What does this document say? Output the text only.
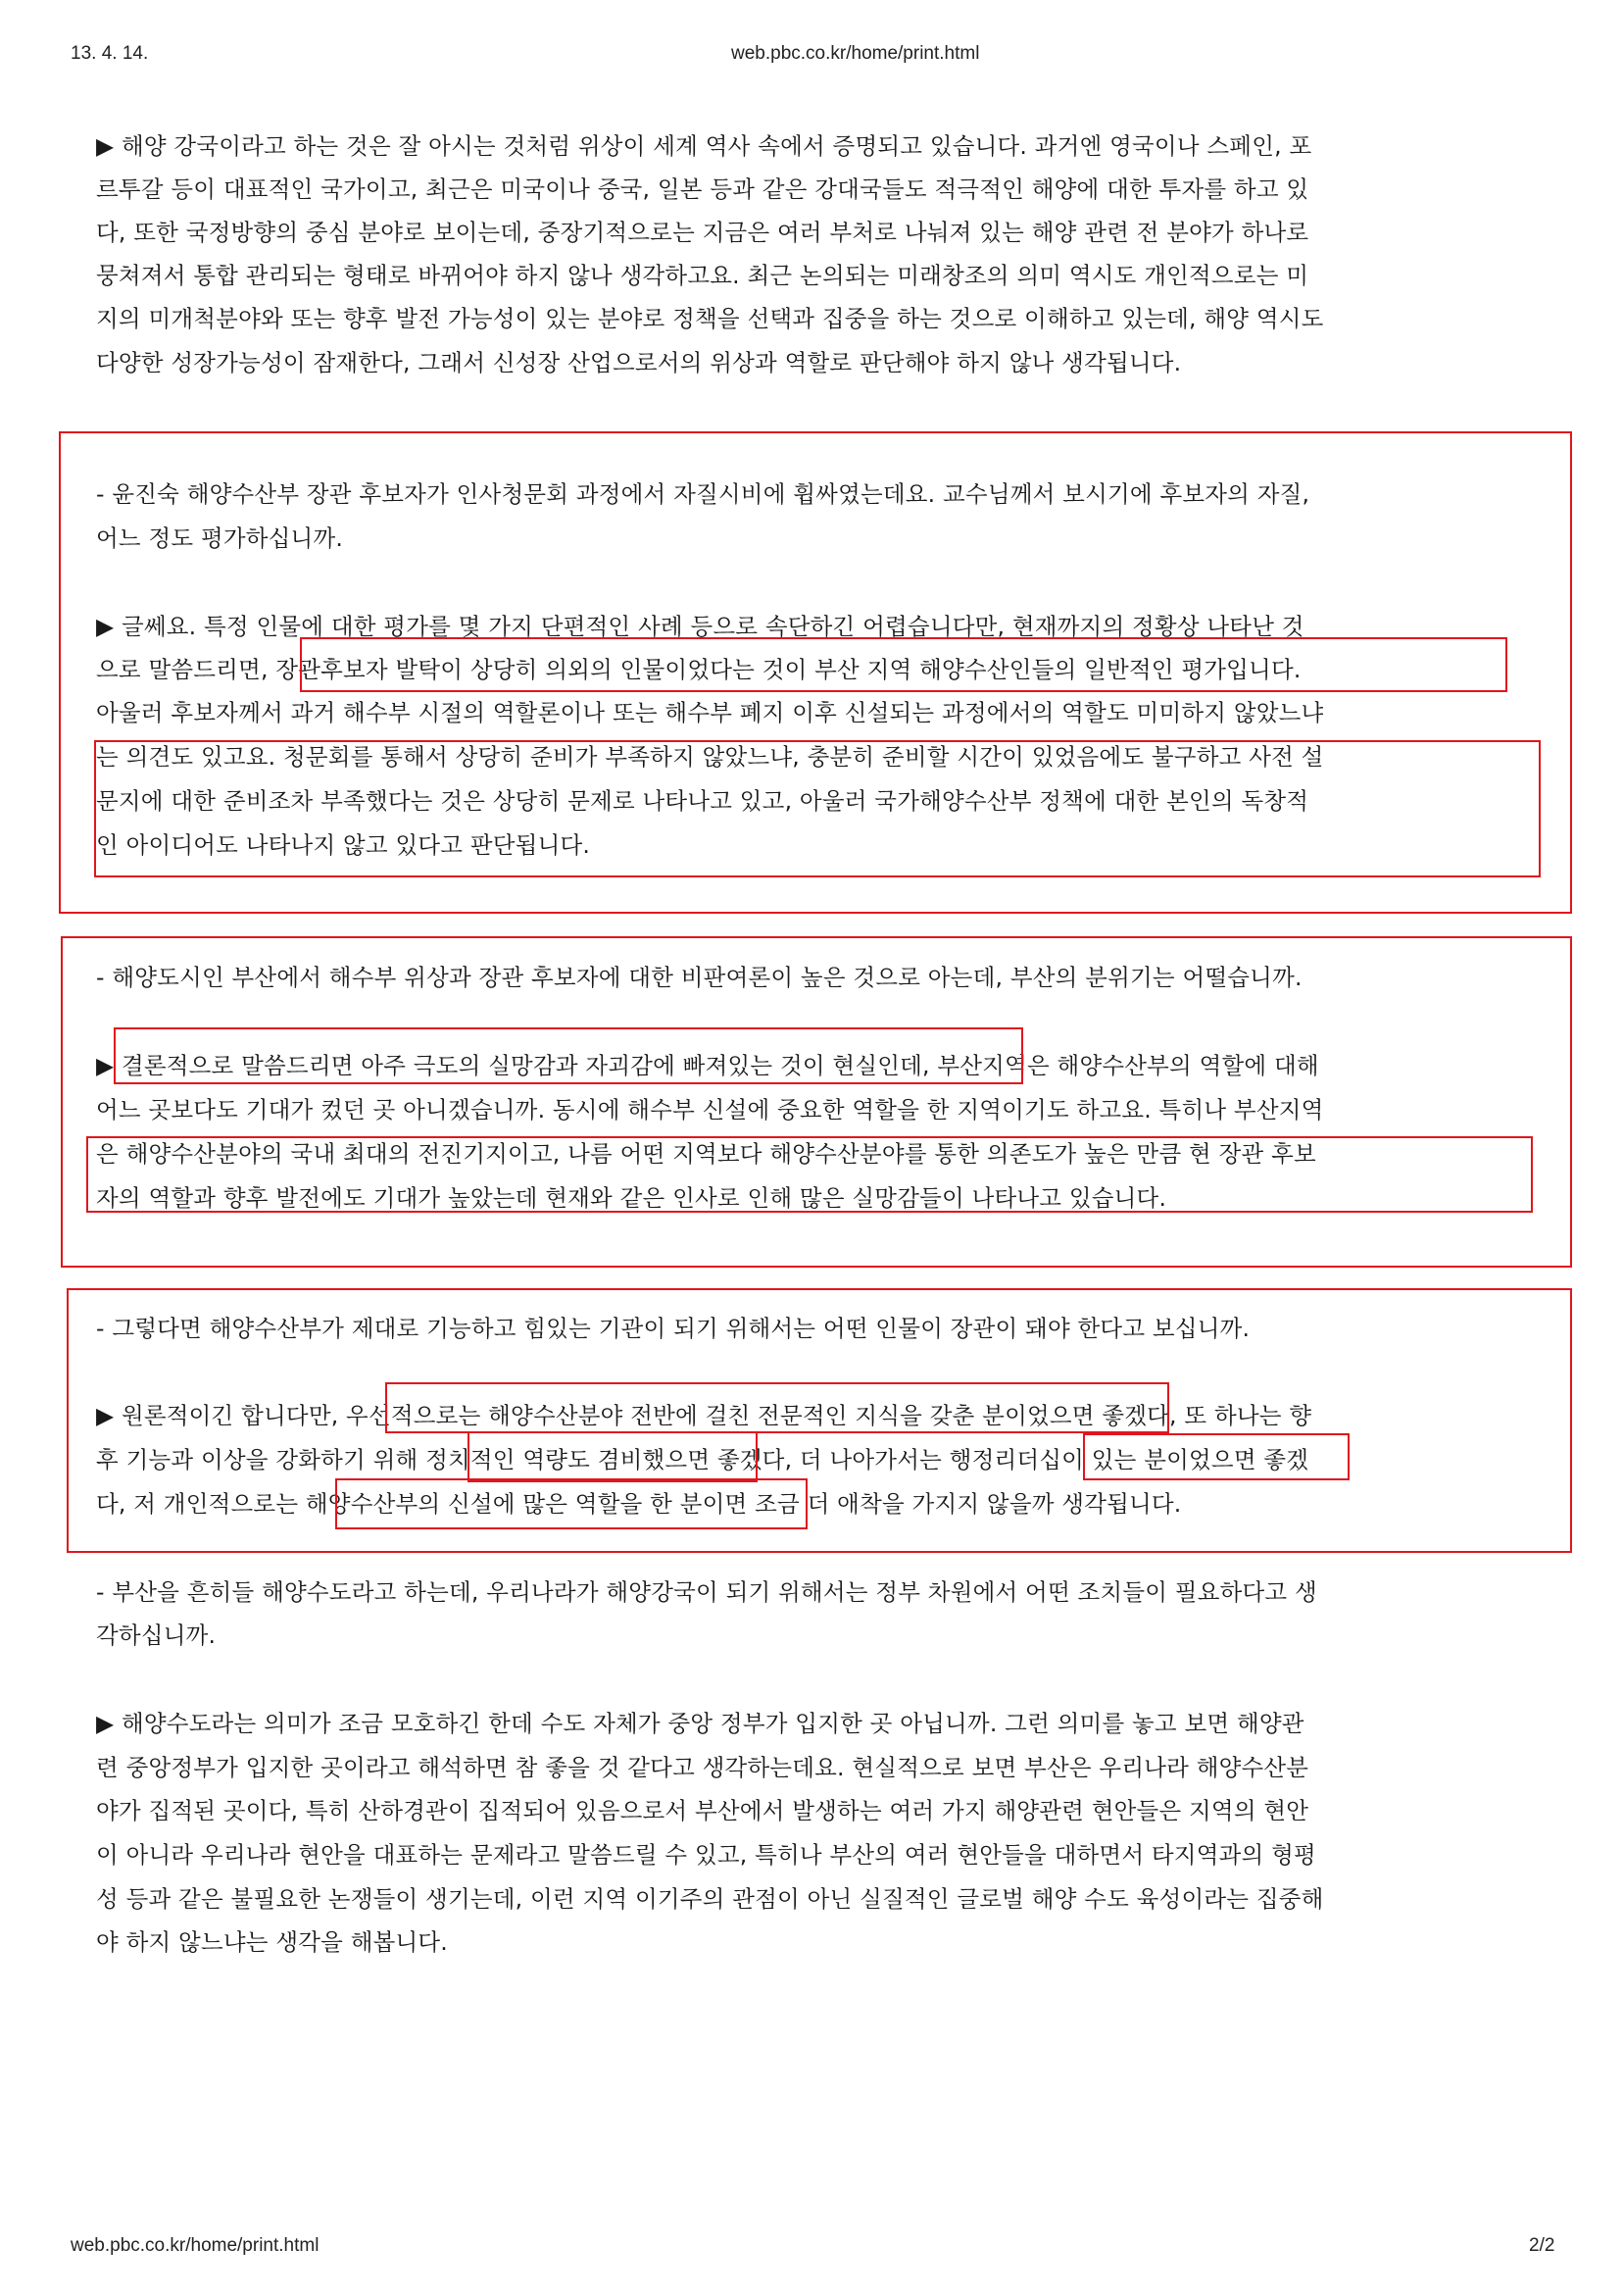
13. 4. 14.	web.pbc.co.kr/home/print.html
▶ 해양 강국이라고 하는 것은 잘 아시는 것처럼 위상이 세계 역사 속에서 증명되고 있습니다. 과거엔 영국이나 스페인, 포
르투갈 등이 대표적인 국가이고, 최근은 미국이나 중국, 일본 등과 같은 강대국들도 적극적인 해양에 대한 투자를 하고 있
다, 또한 국정방향의 중심 분야로 보이는데, 중장기적으로는 지금은 여러 부처로 나눠져 있는 해양 관련 전 분야가 하나로
뭉쳐져서 통합 관리되는 형태로 바뀌어야 하지 않나 생각하고요. 최근 논의되는 미래창조의 의미 역시도 개인적으로는 미
지의 미개척분야와 또는 향후 발전 가능성이 있는 분야로 정책을 선택과 집중을 하는 것으로 이해하고 있는데, 해양 역시도
다양한 성장가능성이 잠재한다, 그래서 신성장 산업으로서의 위상과 역할로 판단해야 하지 않나 생각됩니다.
- 윤진숙 해양수산부 장관 후보자가 인사청문회 과정에서 자질시비에 휩싸였는데요. 교수님께서 보시기에 후보자의 자질,
어느 정도 평가하십니까.
▶ 글쎄요. 특정 인물에 대한 평가를 몇 가지 단편적인 사례 등으로 속단하긴 어렵습니다만, 현재까지의 정황상 나타난 것
으로 말씀드리면, 장관후보자 발탁이 상당히 의외의 인물이었다는 것이 부산 지역 해양수산인들의 일반적인 평가입니다.
아울러 후보자께서 과거 해수부 시절의 역할론이나 또는 해수부 폐지 이후 신설되는 과정에서의 역할도 미미하지 않았느냐
는 의견도 있고요. 청문회를 통해서 상당히 준비가 부족하지 않았느냐, 충분히 준비할 시간이 있었음에도 불구하고 사전 설
문지에 대한 준비조차 부족했다는 것은 상당히 문제로 나타나고 있고, 아울러 국가해양수산부 정책에 대한 본인의 독창적
인 아이디어도 나타나지 않고 있다고 판단됩니다.
- 해양도시인 부산에서 해수부 위상과 장관 후보자에 대한 비판여론이 높은 것으로 아는데, 부산의 분위기는 어떨습니까.
▶ 결론적으로 말씀드리면 아주 극도의 실망감과 자괴감에 빠져있는 것이 현실인데, 부산지역은 해양수산부의 역할에 대해
어느 곳보다도 기대가 컸던 곳 아니겠습니까. 동시에 해수부 신설에 중요한 역할을 한 지역이기도 하고요. 특히나 부산지역
은 해양수산분야의 국내 최대의 전진기지이고, 나름 어떤 지역보다 해양수산분야를 통한 의존도가 높은 만큼 현 장관 후보
자의 역할과 향후 발전에도 기대가 높았는데 현재와 같은 인사로 인해 많은 실망감들이 나타나고 있습니다.
- 그렇다면 해양수산부가 제대로 기능하고 힘있는 기관이 되기 위해서는 어떤 인물이 장관이 돼야 한다고 보십니까.
▶ 원론적이긴 합니다만, 우선적으로는 해양수산분야 전반에 걸친 전문적인 지식을 갖춘 분이었으면 좋겠다, 또 하나는 향
후 기능과 이상을 강화하기 위해 정치적인 역량도 겸비했으면 좋겠다, 더 나아가서는 행정리더십이 있는 분이었으면 좋겠
다, 저 개인적으로는 해양수산부의 신설에 많은 역할을 한 분이면 조금 더 애착을 가지지 않을까 생각됩니다.
- 부산을 흔히들 해양수도라고 하는데, 우리나라가 해양강국이 되기 위해서는 정부 차원에서 어떤 조치들이 필요하다고 생
각하십니까.
▶ 해양수도라는 의미가 조금 모호하긴 한데 수도 자체가 중앙 정부가 입지한 곳 아닙니까. 그런 의미를 놓고 보면 해양관
련 중앙정부가 입지한 곳이라고 해석하면 참 좋을 것 같다고 생각하는데요. 현실적으로 보면 부산은 우리나라 해양수산분
야가 집적된 곳이다, 특히 산하경관이 집적되어 있음으로서 부산에서 발생하는 여러 가지 해양관련 현안들은 지역의 현안
이 아니라 우리나라 현안을 대표하는 문제라고 말씀드릴 수 있고, 특히나 부산의 여러 현안들을 대하면서 타지역과의 형평
성 등과 같은 불필요한 논쟁들이 생기는데, 이런 지역 이기주의 관점이 아닌 실질적인 글로벌 해양 수도 육성이라는 집중해
야 하지 않느냐는 생각을 해봅니다.
web.pbc.co.kr/home/print.html	2/2
